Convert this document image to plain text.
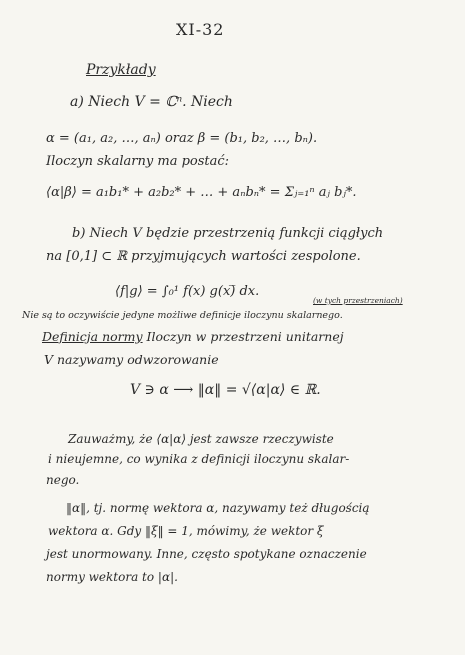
XI-32
Przykłady
a) Niech V = ℂⁿ. Niech
α = (a₁, a₂, …, aₙ) oraz β = (b₁, b₂, …, bₙ).
Iloczyn skalarny ma postać:
⟨α|β⟩ = a₁b₁* + a₂b₂* + … + aₙbₙ* = Σⱼ₌₁ⁿ aⱼ bⱼ*.
b) Niech V będzie przestrzenią funkcji ciągłych
na [0,1] ⊂ ℝ przyjmujących wartości zespolone.
⟨f|g⟩ = ∫₀¹ f(x) g(x)̅ dx.
(w tych przestrzeniach)
Nie są to oczywiście jedyne możliwe definicje iloczynu skalarnego.
Definicja normy Iloczyn w przestrzeni unitarnej
V nazywamy odwzorowanie
V ∋ α ⟶ ‖α‖ = √⟨α|α⟩ ∈ ℝ.
Zauważmy, że ⟨α|α⟩ jest zawsze rzeczywiste
i nieujemne, co wynika z definicji iloczynu skalar-
nego.
‖α‖, tj. normę wektora α, nazywamy też długością
wektora α. Gdy ‖ξ‖ = 1, mówimy, że wektor ξ
jest unormowany. Inne, często spotykane oznaczenie
normy wektora to |α|.
